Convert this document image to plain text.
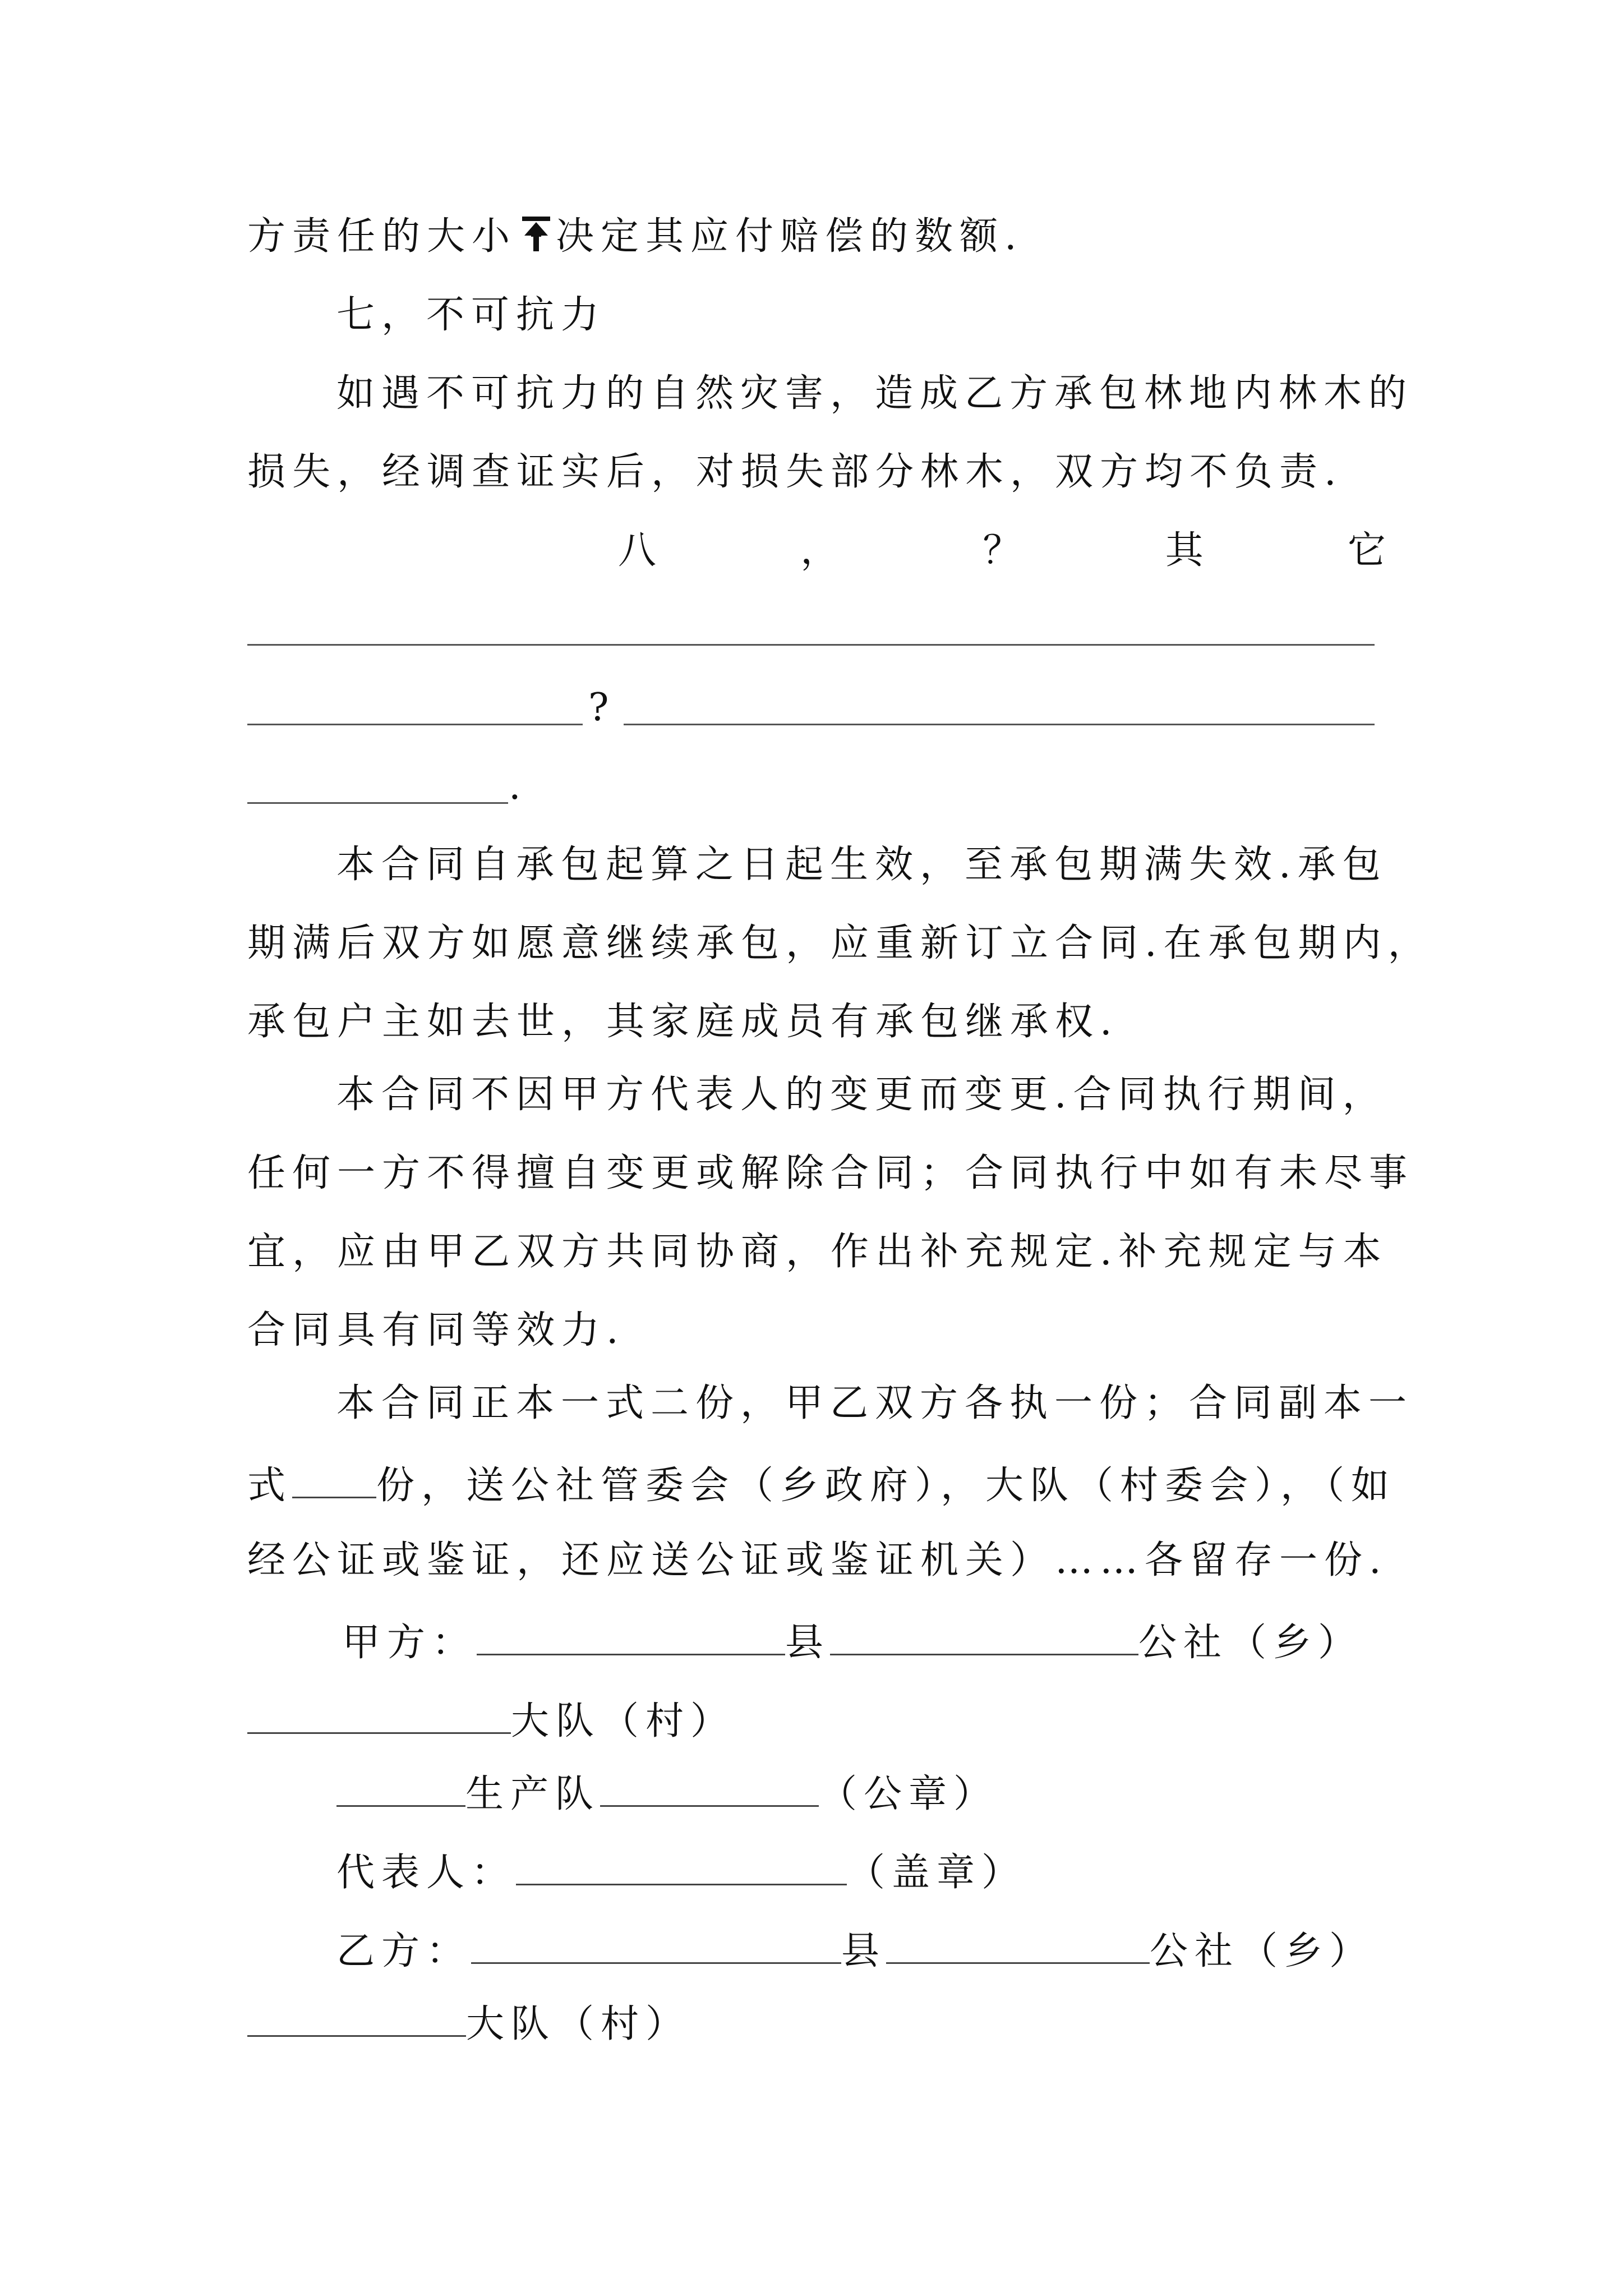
方责任的大小 决定其应付赔偿的数额.
七，不可抗力
如遇不可抗力的自然灾害，造成乙方承包林地内林木的
损失，经调查证实后，对损失部分林木，双方均不负责.
八	，	？	其	它
?
.
本合同自承包起算之日起生效，至承包期满失效.承包
期满后双方如愿意继续承包，应重新订立合同.在承包期内，
承包户主如去世，其家庭成员有承包继承权.
本合同不因甲方代表人的变更而变更.合同执行期间，
任何一方不得擅自变更或解除合同；合同执行中如有未尽事
宜，应由甲乙双方共同协商，作出补充规定.补充规定与本
合同具有同等效力.
本合同正本一式二份，甲乙双方各执一份；合同副本一
式 份，送公社管委会（乡政府），大队（村委会），（如
经公证或鉴证，还应送公证或鉴证机关）……各留存一份.
甲方：	县	公社（乡）
大队（村）
生产队	（公章）
代表人：	（盖章）
乙方：	县	公社（乡）
大队（村）
